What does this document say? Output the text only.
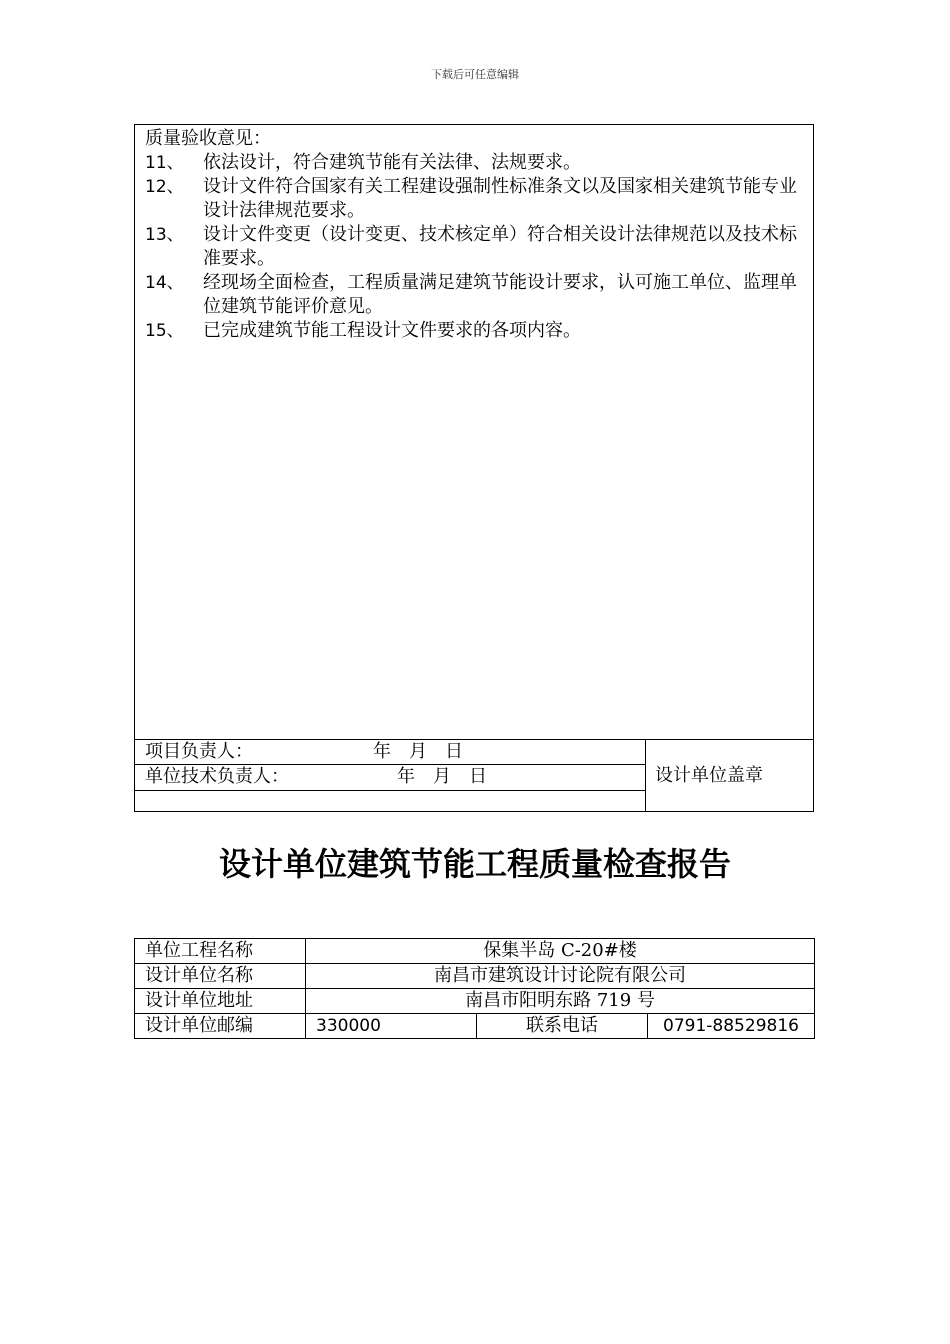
下载后可任意编辑
质量验收意见：
11、	依法设计，符合建筑节能有关法律、法规要求。
12、	设计文件符合国家有关工程建设强制性标准条文以及国家相关建筑节能专业设计法律规范要求。
13、	设计文件变更（设计变更、技术核定单）符合相关设计法律规范以及技术标准要求。
14、	经现场全面检查，工程质量满足建筑节能设计要求，认可施工单位、监理单位建筑节能评价意见。
15、	已完成建筑节能工程设计文件要求的各项内容。
项目负责人：	年　月　日
单位技术负责人：	年　月　日	设计单位盖章
设计单位建筑节能工程质量检查报告
单位工程名称	保集半岛 C-20#楼		
设计单位名称	南昌市建筑设计讨论院有限公司		
设计单位地址	南昌市阳明东路 719 号		
设计单位邮编	330000	联系电话	0791-88529816
